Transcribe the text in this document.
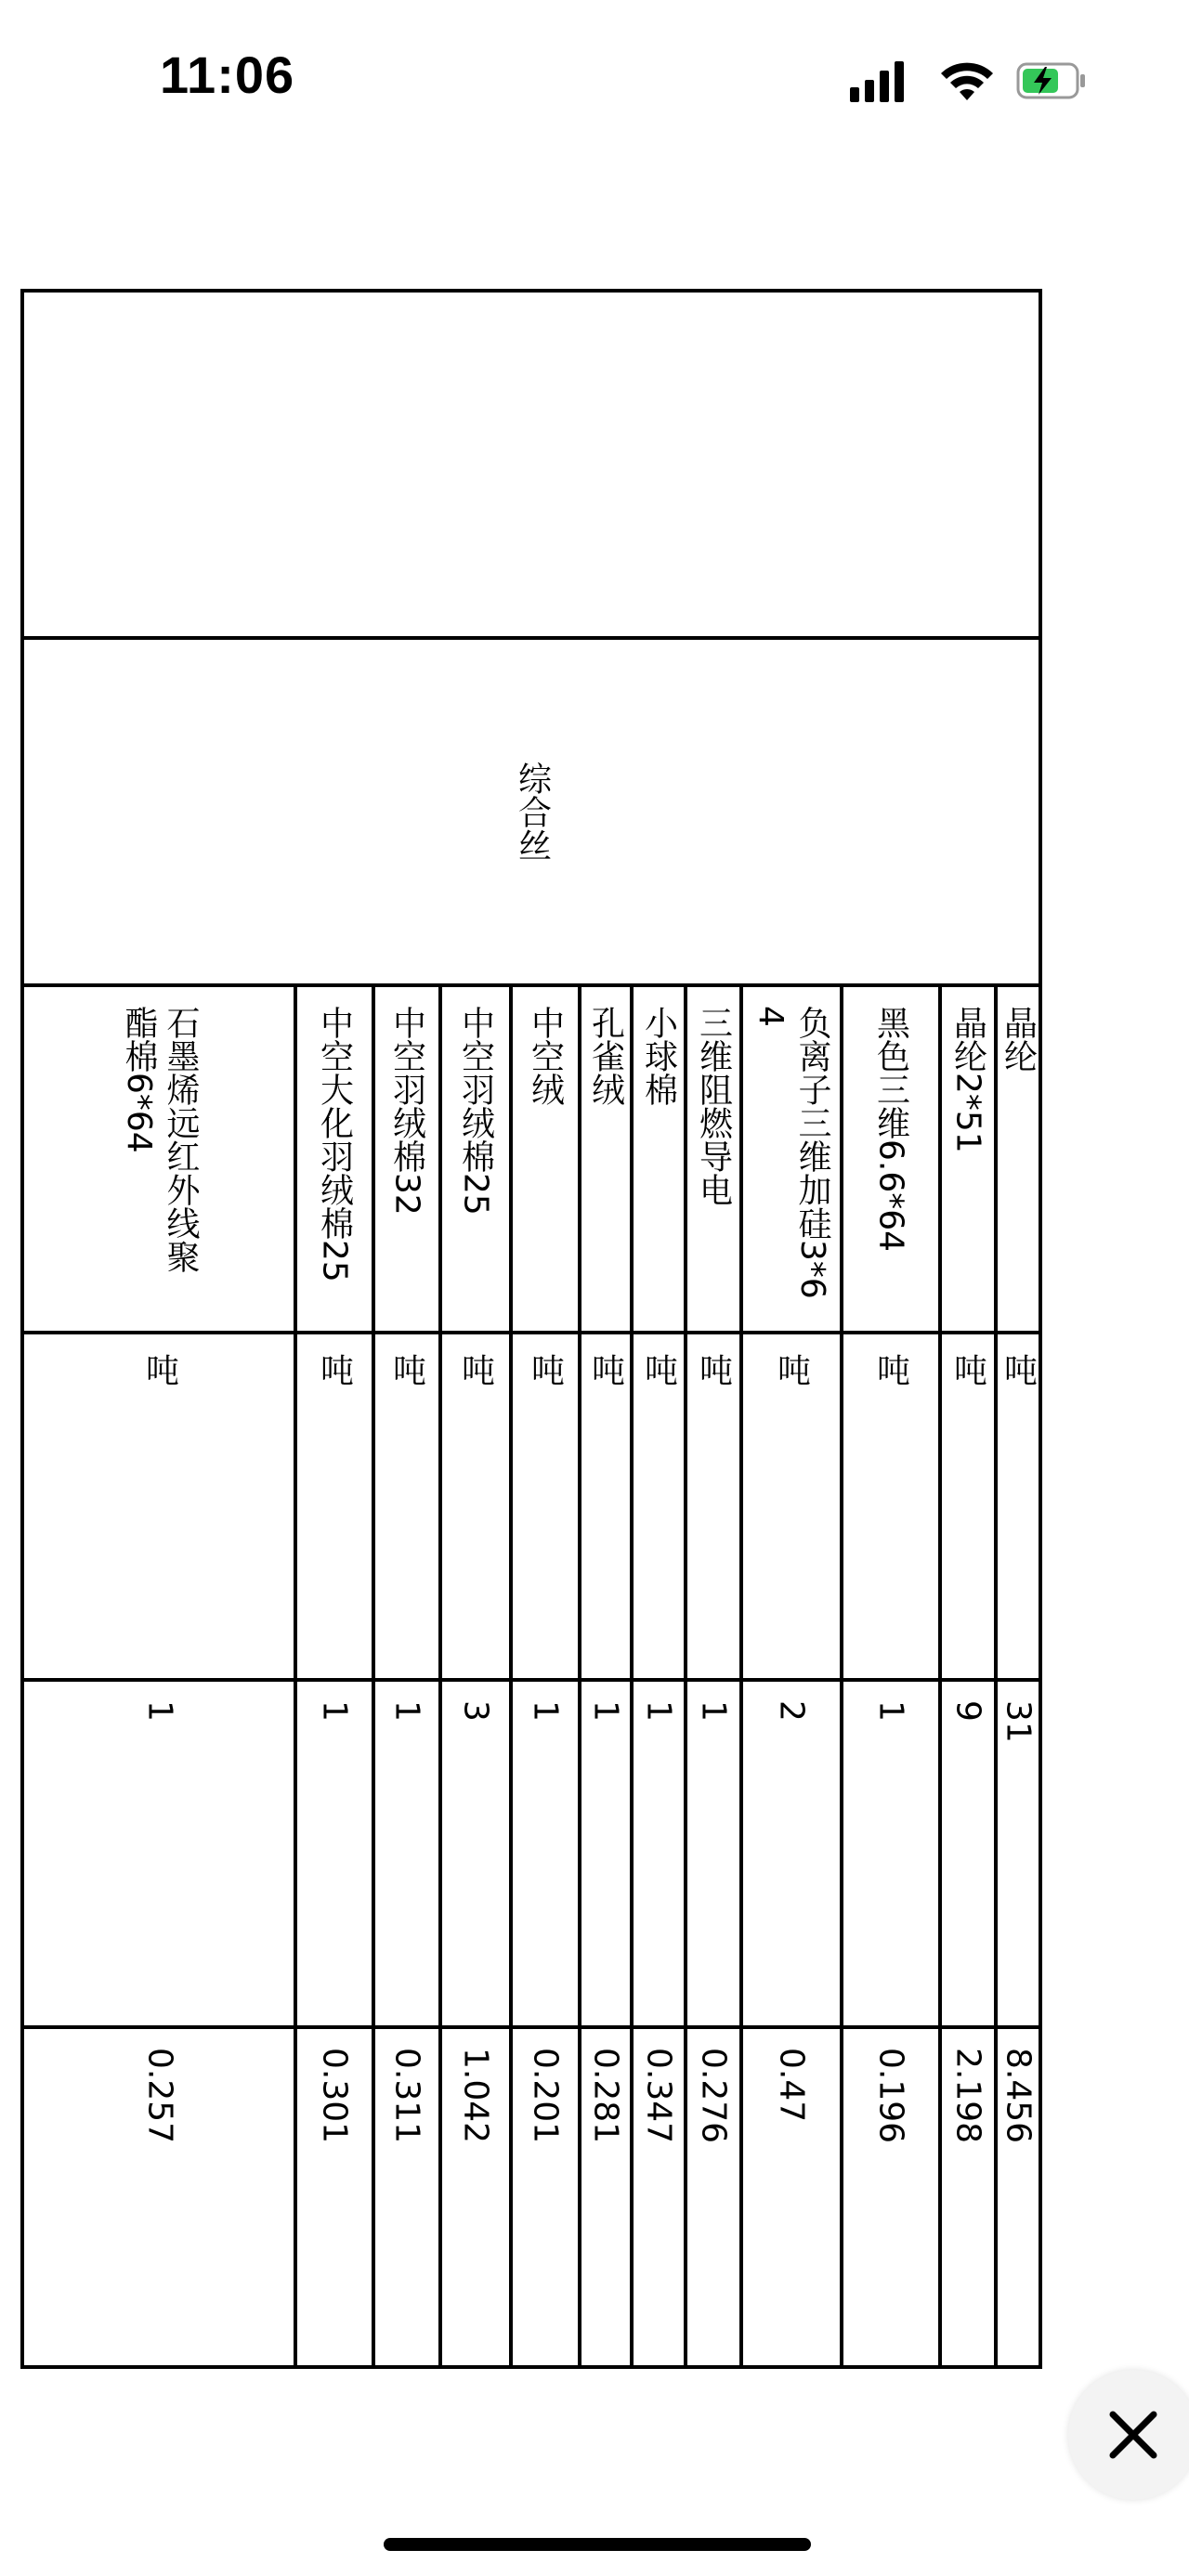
11:06
综合丝
晶纶
吨
31
8.456
晶纶2*51
吨
9
2.198
黑色三维6.6*64
吨
1
0.196
负离子三维加硅3*6
4
吨
2
0.47
三维阻燃导电
吨
1
0.276
小球棉
吨
1
0.347
孔雀绒
吨
1
0.281
中空绒
吨
1
0.201
中空羽绒棉25
吨
3
1.042
中空羽绒棉32
吨
1
0.311
中空大化羽绒棉25
吨
1
0.301
石墨烯远红外线聚
酯棉6*64
吨
1
0.257
